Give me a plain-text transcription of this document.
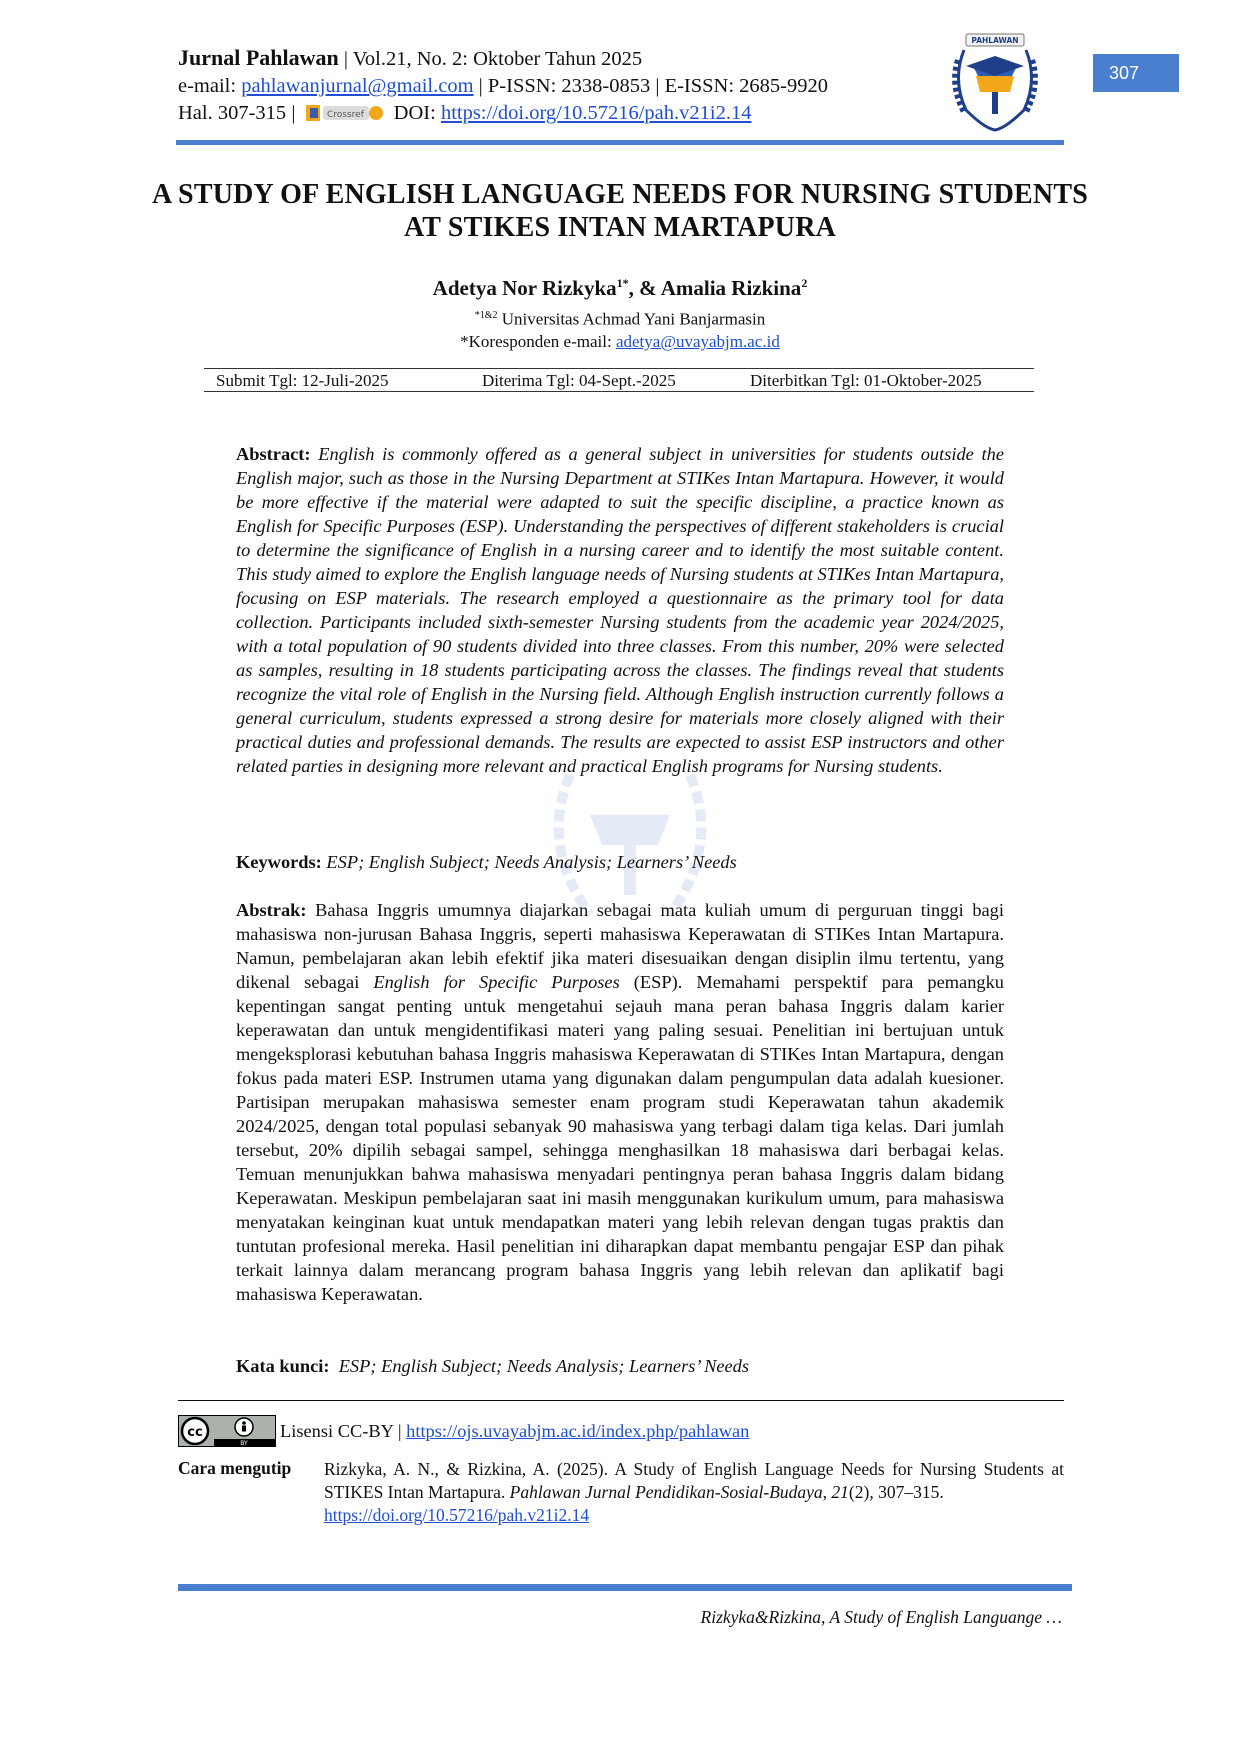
Jurnal Pahlawan | Vol.21, No. 2: Oktober Tahun 2025
e-mail: pahlawanjurnal@gmail.com | P-ISSN: 2338-0853 | E-ISSN: 2685-9920
Hal. 307-315 |	Crossref DOI: https://doi.org/10.57216/pah.v21i2.14
PAHLAWAN
307
A STUDY OF ENGLISH LANGUAGE NEEDS FOR NURSING STUDENTS AT STIKES INTAN MARTAPURA
Adetya Nor Rizkyka$^{1*}$, & Amalia Rizkina$^2$
$^{*1\&2}$ Universitas Achmad Yani Banjarmasin
*Koresponden e-mail: adetya@uvayabjm.ac.id
Submit Tgl: 12-Juli-2025	Diterima Tgl: 04-Sept.-2025	Diterbitkan Tgl: 01-Oktober-2025
Abstract: English is commonly offered as a general subject in universities for students outside the English major, such as those in the Nursing Department at STIKes Intan Martapura. However, it would be more effective if the material were adapted to suit the specific discipline, a practice known as English for Specific Purposes (ESP). Understanding the perspectives of different stakeholders is crucial to determine the significance of English in a nursing career and to identify the most suitable content. This study aimed to explore the English language needs of Nursing students at STIKes Intan Martapura, focusing on ESP materials. The research employed a questionnaire as the primary tool for data collection. Participants included sixth-semester Nursing students from the academic year 2024/2025, with a total population of 90 students divided into three classes. From this number, 20% were selected as samples, resulting in 18 students participating across the classes. The findings reveal that students recognize the vital role of English in the Nursing field. Although English instruction currently follows a general curriculum, students expressed a strong desire for materials more closely aligned with their practical duties and professional demands. The results are expected to assist ESP instructors and other related parties in designing more relevant and practical English programs for Nursing students.
Keywords: ESP; English Subject; Needs Analysis; Learners’ Needs
Abstrak: Bahasa Inggris umumnya diajarkan sebagai mata kuliah umum di perguruan tinggi bagi mahasiswa non-jurusan Bahasa Inggris, seperti mahasiswa Keperawatan di STIKes Intan Martapura. Namun, pembelajaran akan lebih efektif jika materi disesuaikan dengan disiplin ilmu tertentu, yang dikenal sebagai English for Specific Purposes (ESP). Memahami perspektif para pemangku kepentingan sangat penting untuk mengetahui sejauh mana peran bahasa Inggris dalam karier keperawatan dan untuk mengidentifikasi materi yang paling sesuai. Penelitian ini bertujuan untuk mengeksplorasi kebutuhan bahasa Inggris mahasiswa Keperawatan di STIKes Intan Martapura, dengan fokus pada materi ESP. Instrumen utama yang digunakan dalam pengumpulan data adalah kuesioner. Partisipan merupakan mahasiswa semester enam program studi Keperawatan tahun akademik 2024/2025, dengan total populasi sebanyak 90 mahasiswa yang terbagi dalam tiga kelas. Dari jumlah tersebut, 20% dipilih sebagai sampel, sehingga menghasilkan 18 mahasiswa dari berbagai kelas. Temuan menunjukkan bahwa mahasiswa menyadari pentingnya peran bahasa Inggris dalam bidang Keperawatan. Meskipun pembelajaran saat ini masih menggunakan kurikulum umum, para mahasiswa menyatakan keinginan kuat untuk mendapatkan materi yang lebih relevan dengan tugas praktis dan tuntutan profesional mereka. Hasil penelitian ini diharapkan dapat membantu pengajar ESP dan pihak terkait lainnya dalam merancang program bahasa Inggris yang lebih relevan dan aplikatif bagi mahasiswa Keperawatan.
Kata kunci: ESP; English Subject; Needs Analysis; Learners’ Needs
cc
BY
Lisensi CC-BY |
https://ojs.uvayabjm.ac.id/index.php/pahlawan
Cara mengutip Rizkyka, A. N., & Rizkina, A. (2025). A Study of English Language Needs for Nursing Students at STIKES Intan Martapura. Pahlawan Jurnal Pendidikan-Sosial-Budaya, 21(2), 307–315.
https://doi.org/10.57216/pah.v21i2.14
Rizkyka&Rizkina, A Study of English Languange …
